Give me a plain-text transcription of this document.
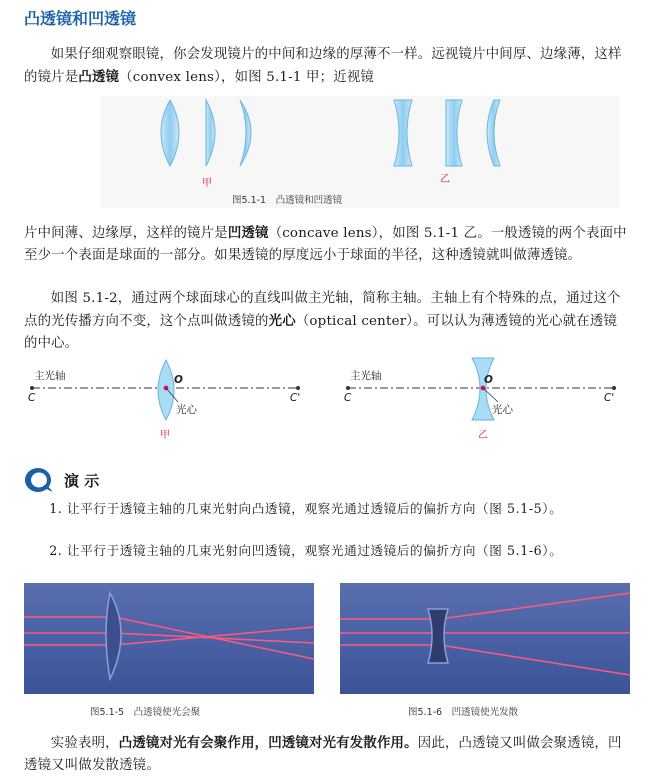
凸透镜和凹透镜
如果仔细观察眼镜，你会发现镜片的中间和边缘的厚薄不一样。远视镜片中间厚、边缘薄，这样的镜片是凸透镜（convex lens），如图 5.1-1 甲；近视镜
甲	乙
图5.1-1　凸透镜和凹透镜
片中间薄、边缘厚，这样的镜片是凹透镜（concave lens），如图 5.1-1 乙。一般透镜的两个表面中至少一个表面是球面的一部分。如果透镜的厚度远小于球面的半径，这种透镜就叫做薄透镜。
如图 5.1-2，通过两个球面球心的直线叫做主光轴，简称主轴。主轴上有个特殊的点，通过这个点的光传播方向不变，这个点叫做透镜的光心（optical center）。可以认为薄透镜的光心就在透镜的中心。
主光轴
C	C'
O
光心
甲
主光轴
C	C'
O
光心
乙
演 示
1. 让平行于透镜主轴的几束光射向凸透镜，观察光通过透镜后的偏折方向（图 5.1-5）。
2. 让平行于透镜主轴的几束光射向凹透镜，观察光通过透镜后的偏折方向（图 5.1-6）。
图5.1-5　凸透镜使光会聚	图5.1-6　凹透镜使光发散
实验表明，凸透镜对光有会聚作用，凹透镜对光有发散作用。因此，凸透镜又叫做会聚透镜，凹透镜又叫做发散透镜。
